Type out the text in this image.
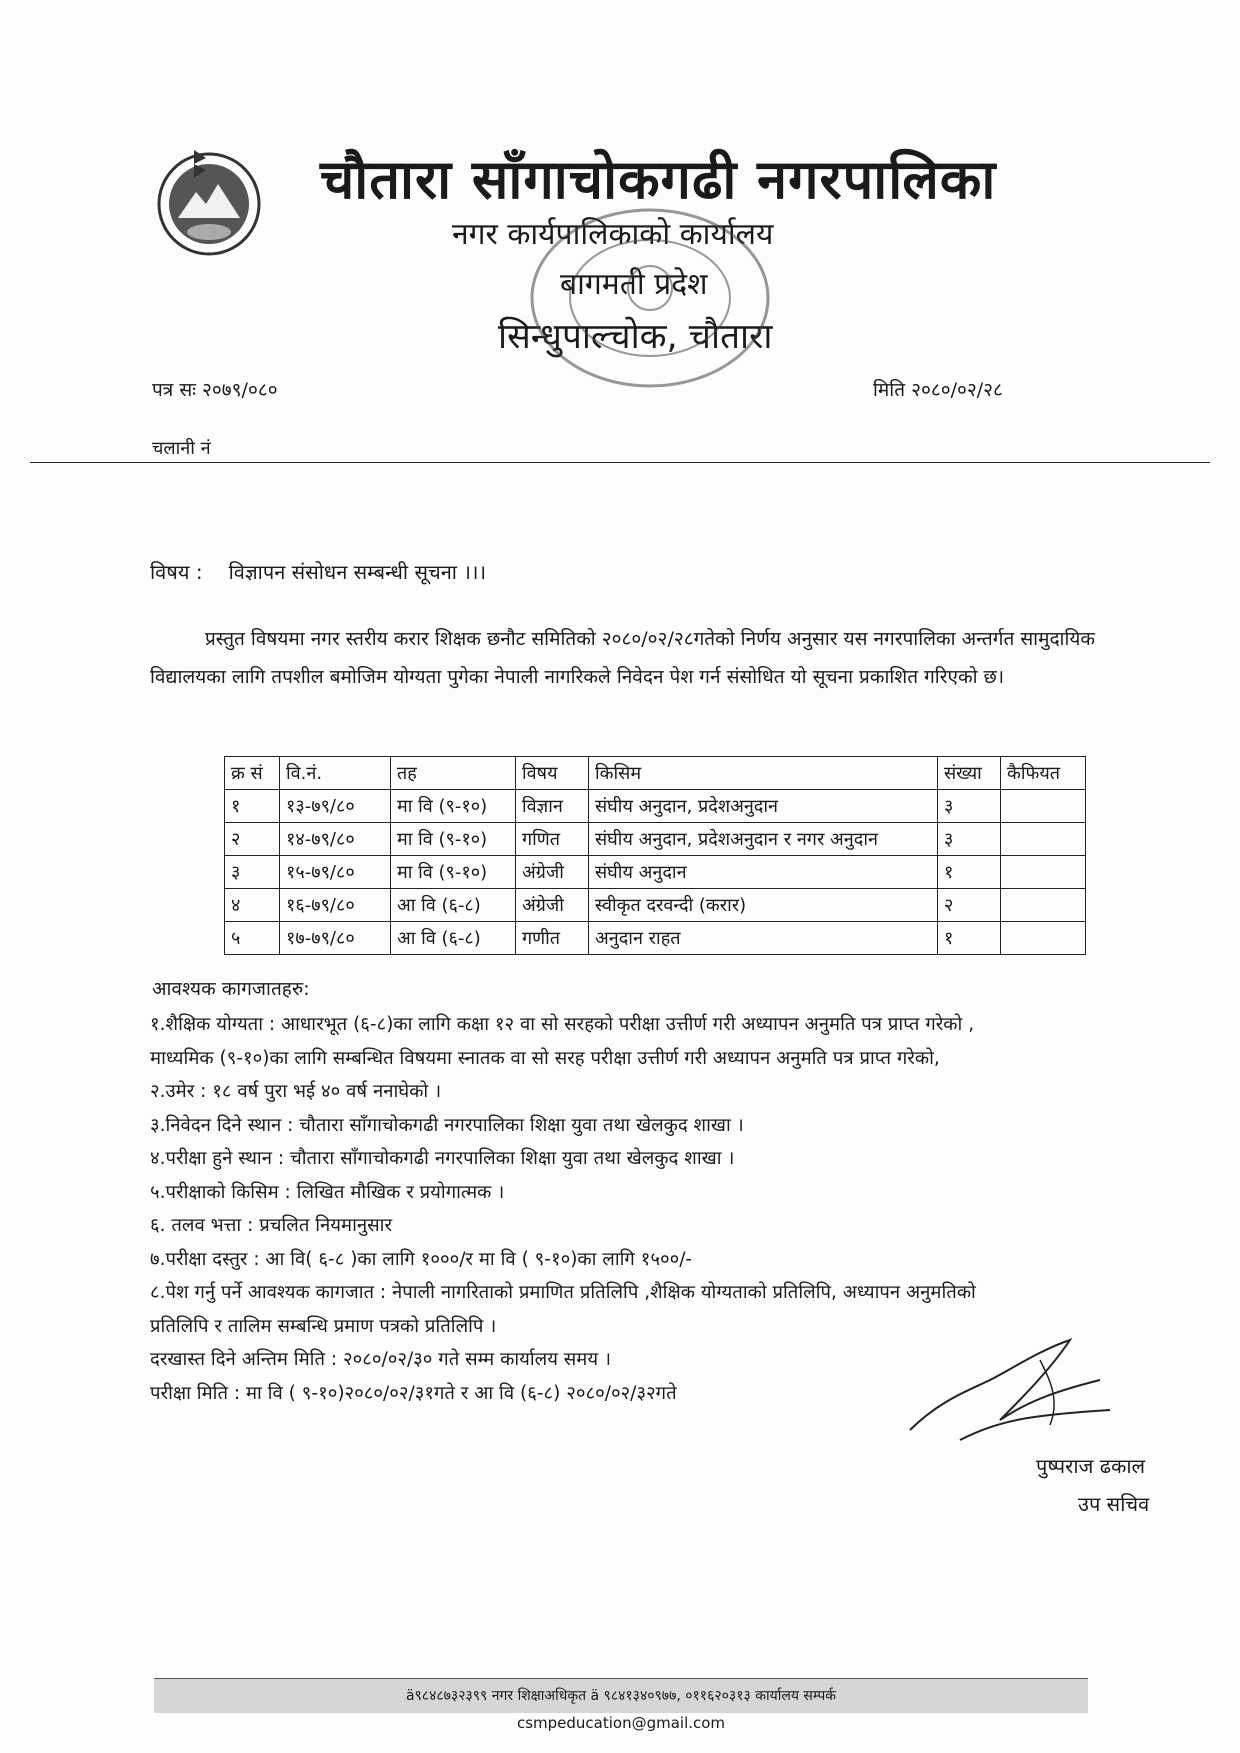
चौतारा साँगाचोकगढी नगरपालिका
नगर कार्यपालिकाको कार्यालय
बागमती प्रदेश
सिन्धुपाल्चोक, चौतारा
पत्र सः २०७९/०८०	मिति २०८०/०२/२८
चलानी नं
विषय : विज्ञापन संसोधन सम्बन्धी सूचना ।।।
प्रस्तुत विषयमा नगर स्तरीय करार शिक्षक छनौट समितिको २०८०/०२/२८गतेको निर्णय अनुसार यस नगरपालिका अन्तर्गत सामुदायिक विद्यालयका लागि तपशील बमोजिम योग्यता पुगेका नेपाली नागरिकले निवेदन पेश गर्न संसोधित यो सूचना प्रकाशित गरिएको छ।
क्र सं	वि.नं.	तह	विषय	किसिम	संख्या	कैफियत
१	१३-७९/८०	मा वि (९-१०)	विज्ञान	संघीय अनुदान, प्रदेशअनुदान	३	
२	१४-७९/८०	मा वि (९-१०)	गणित	संघीय अनुदान, प्रदेशअनुदान र नगर अनुदान	३	
३	१५-७९/८०	मा वि (९-१०)	अंग्रेजी	संघीय अनुदान	१	
४	१६-७९/८०	आ वि (६-८)	अंग्रेजी	स्वीकृत दरवन्दी (करार)	२	
५	१७-७९/८०	आ वि (६-८)	गणीत	अनुदान राहत	१	
आवश्यक कागजातहरु:
१.शैक्षिक योग्यता : आधारभूत (६-८)का लागि कक्षा १२ वा सो सरहको परीक्षा उत्तीर्ण गरी अध्यापन अनुमति पत्र प्राप्त गरेको ,
माध्यमिक (९-१०)का लागि सम्बन्धित विषयमा स्नातक वा सो सरह परीक्षा उत्तीर्ण गरी अध्यापन अनुमति पत्र प्राप्त गरेको,
२.उमेर : १८ वर्ष पुरा भई ४० वर्ष ननाघेको ।
३.निवेदन दिने स्थान : चौतारा साँगाचोकगढी नगरपालिका शिक्षा युवा तथा खेलकुद शाखा ।
४.परीक्षा हुने स्थान : चौतारा साँगाचोकगढी नगरपालिका शिक्षा युवा तथा खेलकुद शाखा ।
५.परीक्षाको किसिम : लिखित मौखिक र प्रयोगात्मक ।
६. तलव भत्ता : प्रचलित नियमानुसार
७.परीक्षा दस्तुर : आ वि( ६-८ )का लागि १०००/र मा वि ( ९-१०)का लागि १५००/-
८.पेश गर्नु पर्ने आवश्यक कागजात : नेपाली नागरिताको प्रमाणित प्रतिलिपि ,शैक्षिक योग्यताको प्रतिलिपि, अध्यापन अनुमतिको
प्रतिलिपि र तालिम सम्बन्धि प्रमाण पत्रको प्रतिलिपि ।
दरखास्त दिने अन्तिम मिति : २०८०/०२/३० गते सम्म कार्यालय समय ।
परीक्षा मिति : मा वि ( ९-१०)२०८०/०२/३१गते र आ वि (६-८) २०८०/०२/३२गते
पुष्पराज ढकाल
उप सचिव
ä९८४८७३२३९९ नगर शिक्षाअधिकृत ä ९८४१३४०९७७, ०११६२०३१३ कार्यालय सम्पर्क
csmpeducation@gmail.com
